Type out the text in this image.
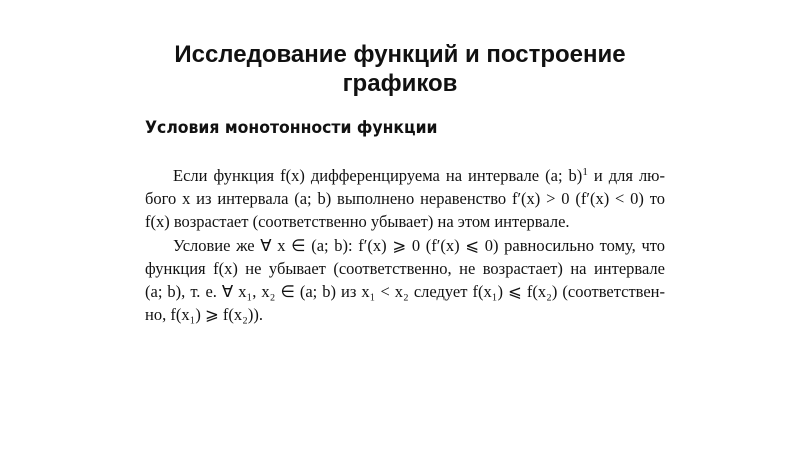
Исследование функций и построение
графиков
Условия монотонности функции
Если функция f(x) дифференцируема на интервале (a; b)$^1$ и для лю-
бого x из интервала (a; b) выполнено неравенство f′(x) > 0 (f′(x) < 0) то
f(x) возрастает (соответственно убывает) на этом интервале.
Условие же ∀ x ∈ (a; b): f′(x) ⩾ 0 (f′(x) ⩽ 0) равносильно тому, что
функция f(x) не убывает (соответственно, не возрастает) на интервале
(a; b), т. е. ∀ x₁, x₂ ∈ (a; b) из x₁ < x₂ следует f(x₁) ⩽ f(x₂) (соответствен-
но, f(x₁) ⩾ f(x₂)).
